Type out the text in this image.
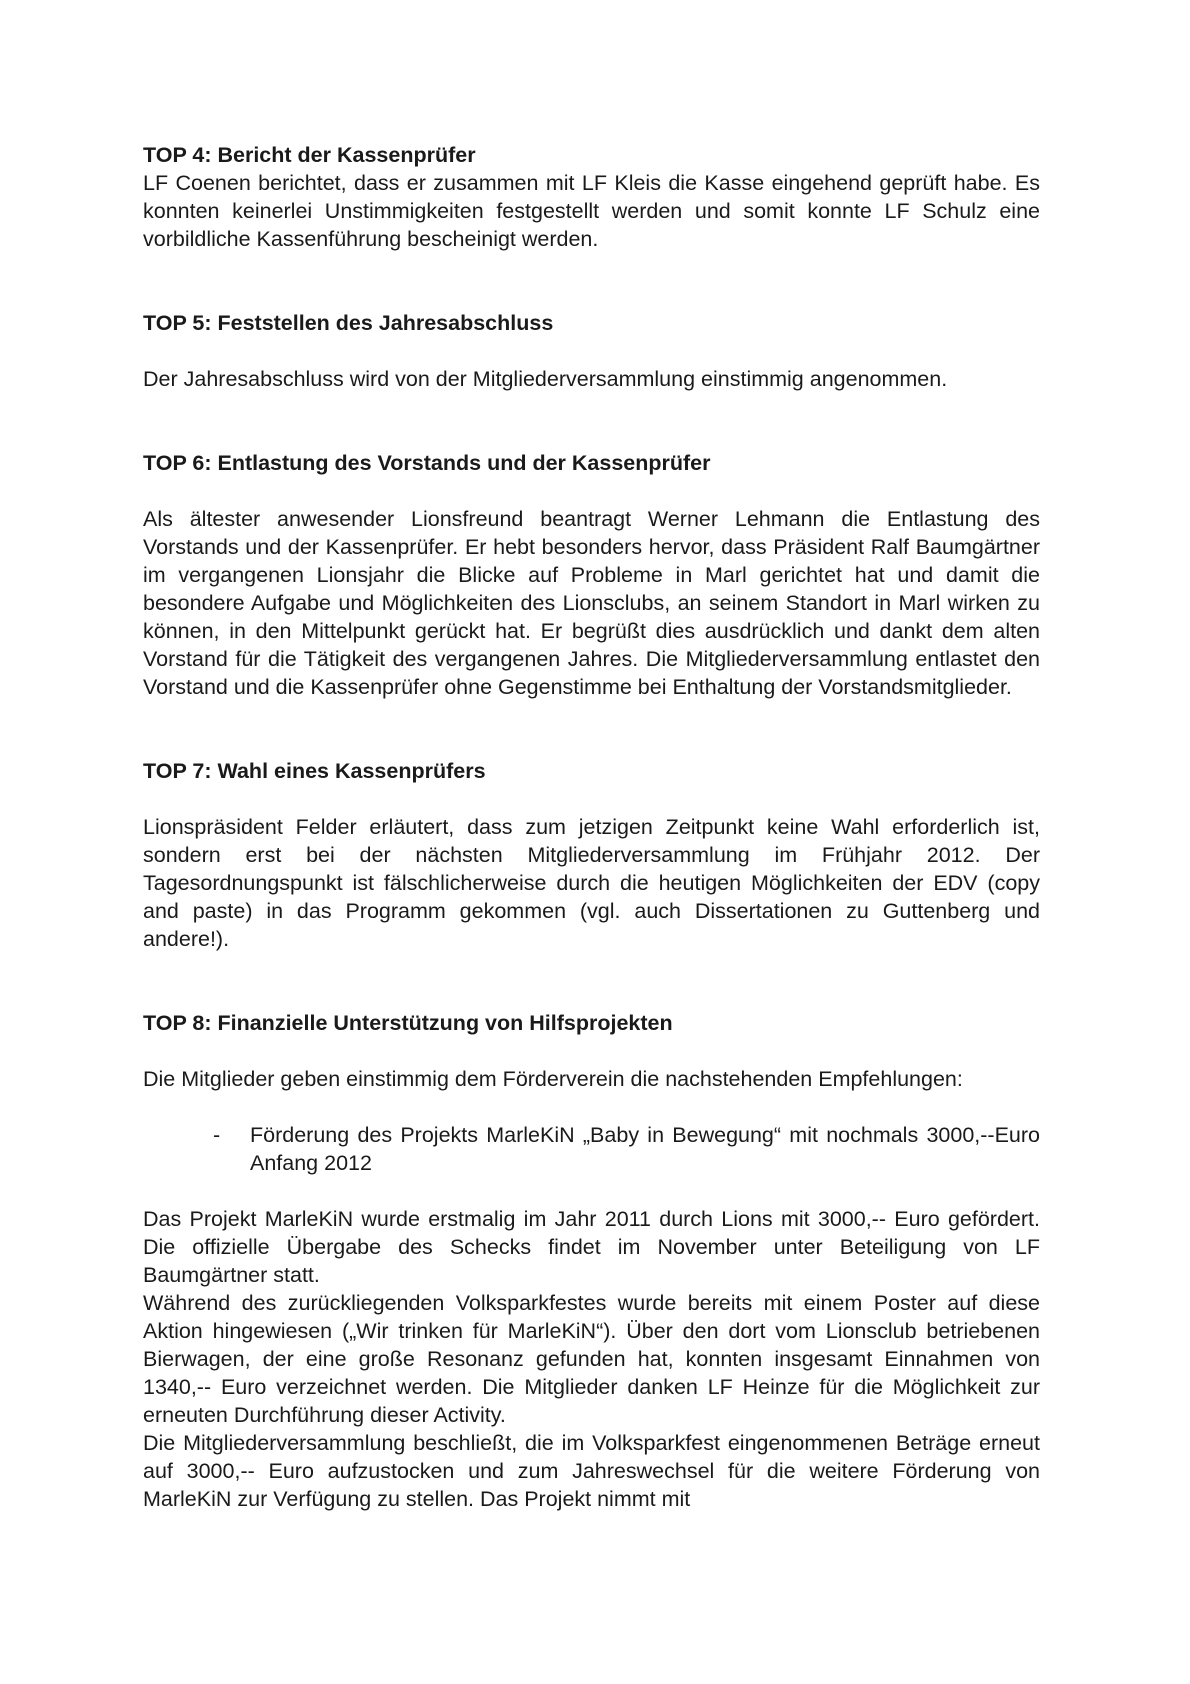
TOP 4: Bericht der Kassenprüfer

LF Coenen berichtet, dass er zusammen mit LF Kleis die Kasse eingehend geprüft habe. Es konnten keinerlei Unstimmigkeiten festgestellt werden und somit konnte LF Schulz eine vorbildliche Kassenführung bescheinigt werden.

TOP 5: Feststellen des Jahresabschluss

Der Jahresabschluss wird von der Mitgliederversammlung einstimmig angenommen.

TOP 6: Entlastung des Vorstands und der Kassenprüfer

Als ältester anwesender Lionsfreund beantragt Werner Lehmann die Entlastung des Vorstands und der Kassenprüfer. Er hebt besonders hervor, dass Präsident Ralf Baumgärtner im vergangenen Lionsjahr die Blicke auf Probleme in Marl gerichtet hat und damit die besondere Aufgabe und Möglichkeiten des Lionsclubs, an seinem Standort in Marl wirken zu können, in den Mittelpunkt gerückt hat. Er begrüßt dies ausdrücklich und dankt dem alten Vorstand für die Tätigkeit des vergangenen Jahres. Die Mitgliederversammlung entlastet den Vorstand und die Kassenprüfer ohne Gegenstimme bei Enthaltung der Vorstandsmitglieder.

TOP 7: Wahl eines Kassenprüfers

Lionspräsident Felder erläutert, dass zum jetzigen Zeitpunkt keine Wahl erforderlich ist, sondern erst bei der nächsten Mitgliederversammlung im Frühjahr 2012. Der Tagesordnungspunkt ist fälschlicherweise durch die heutigen Möglichkeiten der EDV (copy and paste) in das Programm gekommen (vgl. auch Dissertationen zu Guttenberg und andere!).

TOP 8: Finanzielle Unterstützung von Hilfsprojekten

Die Mitglieder geben einstimmig dem Förderverein die nachstehenden Empfehlungen:

-	Förderung des Projekts MarleKiN „Baby in Bewegung“ mit nochmals 3000,--Euro Anfang 2012

Das Projekt MarleKiN wurde erstmalig im Jahr 2011 durch Lions mit 3000,-- Euro gefördert. Die offizielle Übergabe des Schecks findet im November unter Beteiligung von LF Baumgärtner statt.

Während des zurückliegenden Volksparkfestes wurde bereits mit einem Poster auf diese Aktion hingewiesen („Wir trinken für MarleKiN“). Über den dort vom Lionsclub betriebenen Bierwagen, der eine große Resonanz gefunden hat, konnten insgesamt Einnahmen von 1340,-- Euro verzeichnet werden. Die Mitglieder danken LF Heinze für die Möglichkeit zur erneuten Durchführung dieser Activity.

Die Mitgliederversammlung beschließt, die im Volksparkfest eingenommenen Beträge erneut auf 3000,-- Euro aufzustocken und zum Jahreswechsel für die weitere Förderung von MarleKiN zur Verfügung zu stellen. Das Projekt nimmt mit
